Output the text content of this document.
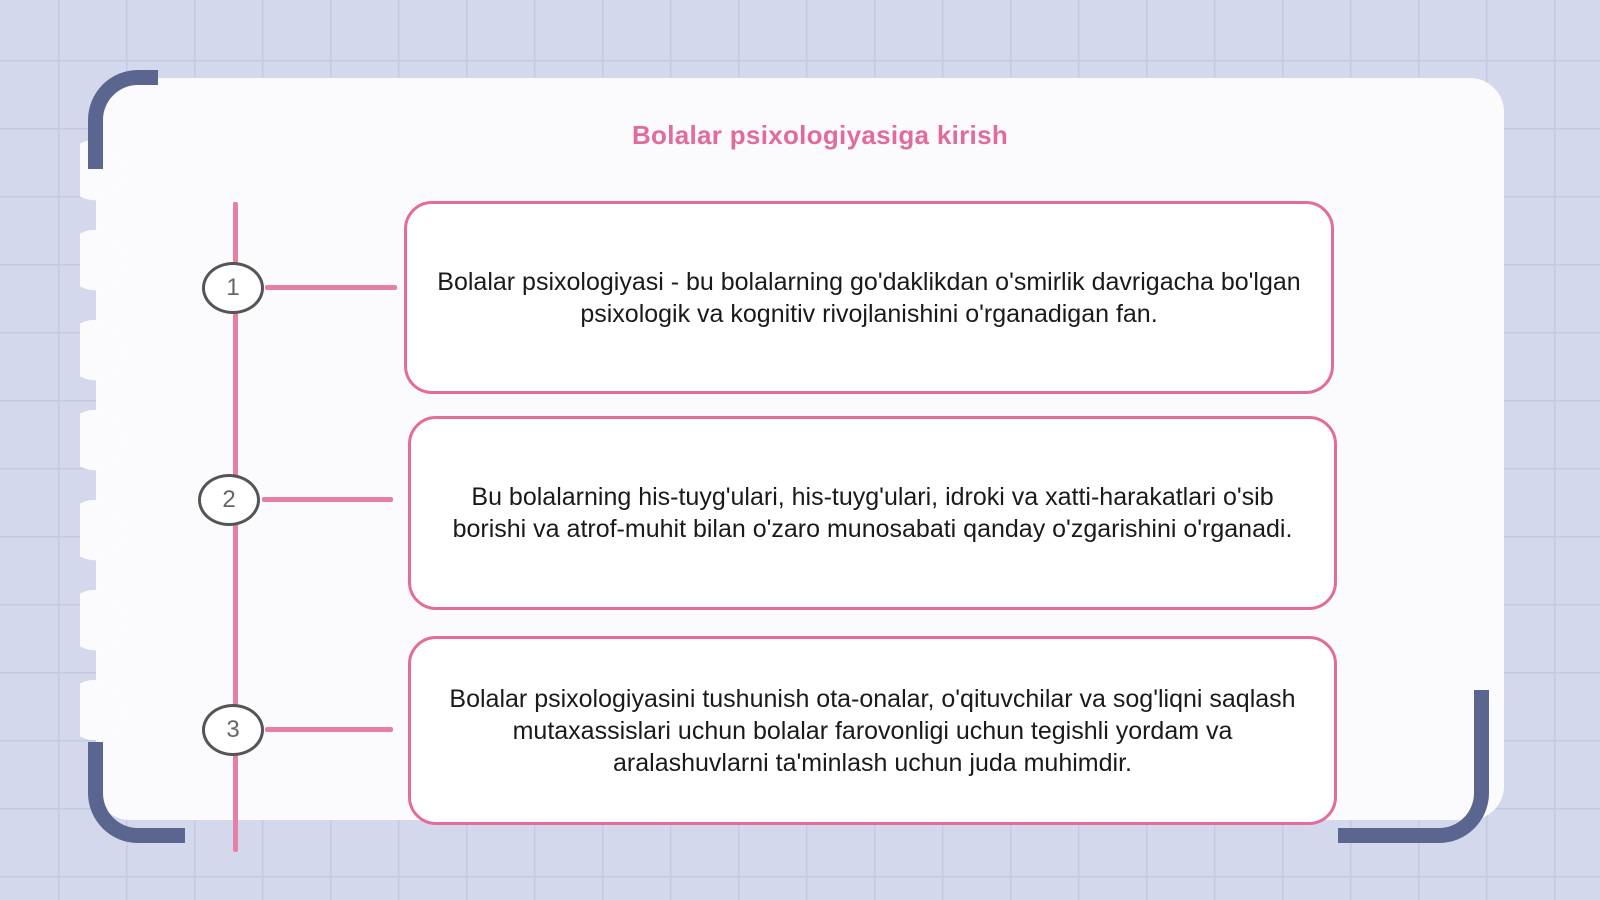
Bolalar psixologiyasiga kirish
1	Bolalar psixologiyasi - bu bolalarning go'daklikdan o'smirlik davrigacha bo'lgan psixologik va kognitiv rivojlanishini o'rganadigan fan.
2	Bu bolalarning his-tuyg'ulari, his-tuyg'ulari, idroki va xatti-harakatlari o'sib borishi va atrof-muhit bilan o'zaro munosabati qanday o'zgarishini o'rganadi.
3
Bolalar psixologiyasini tushunish ota-onalar, o'qituvchilar va sog'liqni saqlash mutaxassislari uchun bolalar farovonligi uchun tegishli yordam va aralashuvlarni ta'minlash uchun juda muhimdir.
